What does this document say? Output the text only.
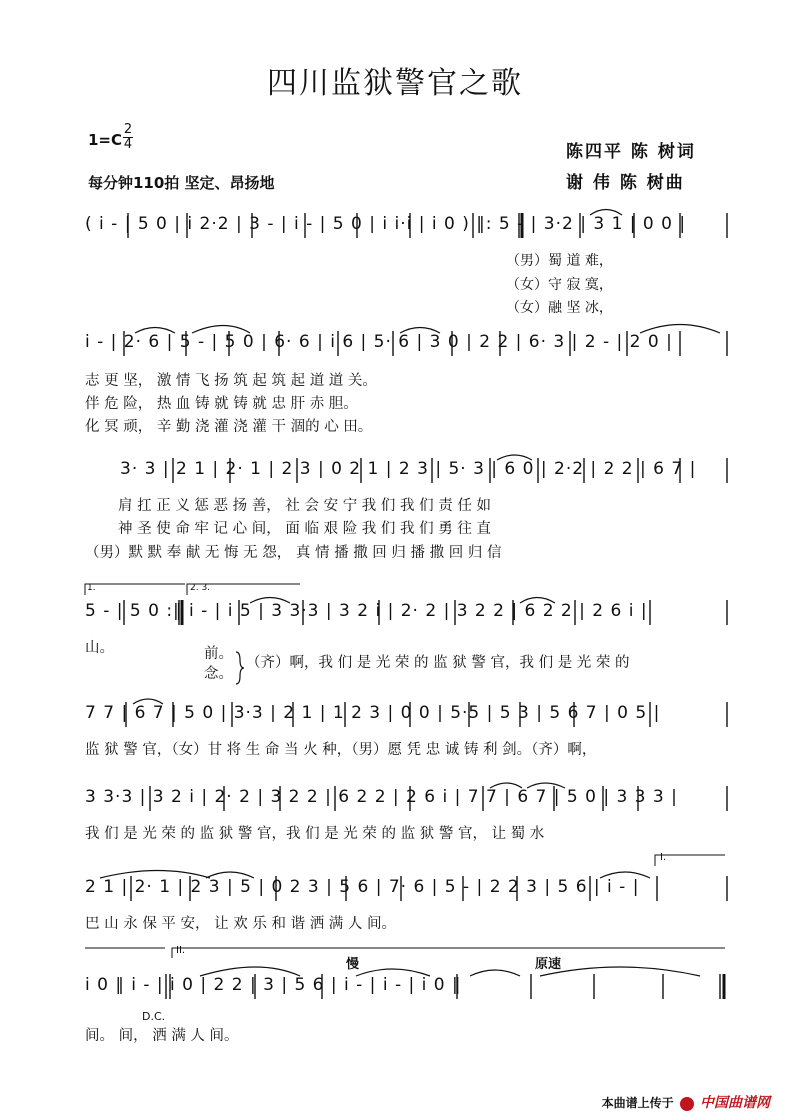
四川监狱警官之歌
1=C
2
4
每分钟110拍 坚定、昂扬地
陈四平 陈 树词
谢 伟 陈 树曲
( i - | 5 0 | i 2·2 | 3 - | i - | 5 0 | i i·i | i 0 ) ‖: 5 - | 3·2 | 3 1 | 0 0 |
（男）蜀 道 难，
（女）守 寂 寞，
（女）融 坚 冰，
i - | 2· 6 | 5 - | 5 0 | 6· 6 | i 6 | 5· 6 | 3 0 | 2 2 | 6· 3 | 2 - | 2 0 |
志 更 坚， 激 情 飞 扬 筑 起 筑 起 道 道 关。
伴 危 险， 热 血 铸 就 铸 就 忠 肝 赤 胆。
化 冥 顽， 辛 勤 浇 灌 浇 灌 干 涸的 心 田。
3· 3 | 2 1 | 2· 1 | 2 3 | 0 2 1 | 2 3 | 5· 3 | 6 0 | 2·2 | 2 2 | 6 7 |
肩 扛 正 义 惩 恶 扬 善， 社 会 安 宁 我 们 我 们 责 任 如
神 圣 使 命 牢 记 心 间， 面 临 艰 险 我 们 我 们 勇 往 直
（男）默 默 奉 献 无 悔 无 怨， 真 情 播 撒 回 归 播 撒 回 归 信
1.	2. 3.
5 - | 5 0 :‖ i - | i 5 | 3 3·3 | 3 2 i | 2· 2 | 3 2 2 | 6 2 2 | 2 6 i |
山。	前。
念。
（齐）啊，我 们 是 光 荣 的 监 狱 警 官，我 们 是 光 荣 的
7 7 | 6 7 | 5 0 | 3·3 | 2 1 | 1 2 3 | 0 0 | 5·5 | 5 3 | 5 6 7 | 0 5 |
监 狱 警 官，（女）甘 将 生 命 当 火 种，（男）愿 凭 忠 诚 铸 利 剑。（齐）啊，
3 3·3 | 3 2 i | 2· 2 | 3 2 2 | 6 2 2 | 2 6 i | 7 7 | 6 7 | 5 0 | 3 3 3 |
我 们 是 光 荣 的 监 狱 警 官，我 们 是 光 荣 的 监 狱 警 官， 让 蜀 水
I.
2 1 | 2· 1 | 2 3 | 5 | 0 2 3 | 5 6 | 7· 6 | 5 - | 2 2 3 | 5 6 | i - |
巴 山 永 保 平 安， 让 欢 乐 和 谐 洒 满 人 间。
II.
慢	原速
i 0 ‖ i - | i 0 | 2 2 | 3 | 5 6 | i - | i - | i 0 ‖
D.C.
间。 间， 洒 满 人 间。
本曲谱上传于 中国曲谱网
